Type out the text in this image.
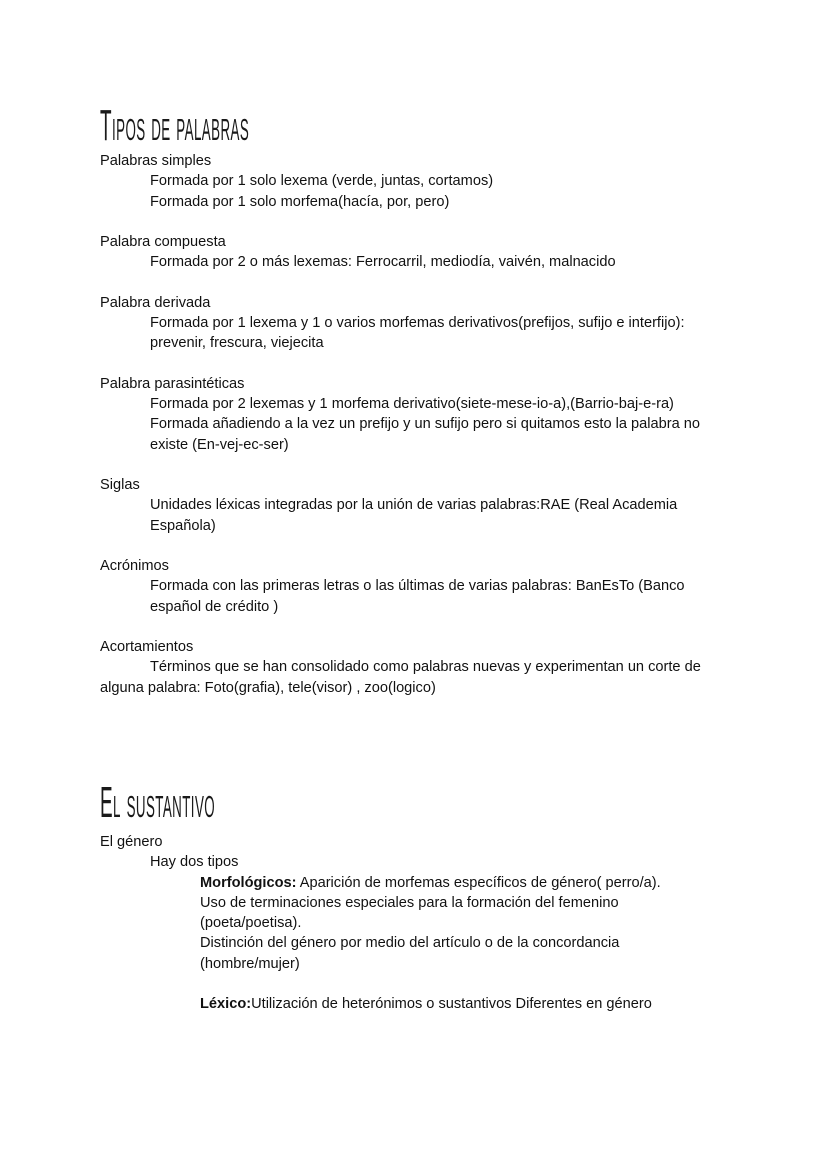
Tipos de palabras
Palabras simples
Formada por 1 solo lexema (verde, juntas, cortamos)
Formada por 1 solo morfema(hacía, por, pero)
Palabra compuesta
Formada por 2 o más lexemas: Ferrocarril, mediodía, vaivén, malnacido
Palabra derivada
Formada por 1 lexema y 1 o varios morfemas derivativos(prefijos, sufijo e interfijo):
prevenir, frescura, viejecita
Palabra parasintéticas
Formada por 2 lexemas y 1 morfema derivativo(siete-mese-io-a),(Barrio-baj-e-ra)
Formada añadiendo a la vez un prefijo y un sufijo pero si quitamos esto la palabra no
existe (En-vej-ec-ser)
Siglas
Unidades léxicas integradas por la unión de varias palabras:RAE (Real Academia
Española)
Acrónimos
Formada con las primeras letras o las últimas de varias palabras: BanEsTo (Banco
español de crédito )
Acortamientos
Términos que se han consolidado como palabras nuevas y experimentan un corte de
alguna palabra: Foto(grafia), tele(visor) , zoo(logico)
El sustantivo
El género
Hay dos tipos
Morfológicos: Aparición de morfemas específicos de género( perro/a).
Uso de terminaciones especiales para la formación del femenino
(poeta/poetisa).
Distinción del género por medio del artículo o de la concordancia
(hombre/mujer)
Léxico:Utilización de heterónimos o sustantivos Diferentes en género
